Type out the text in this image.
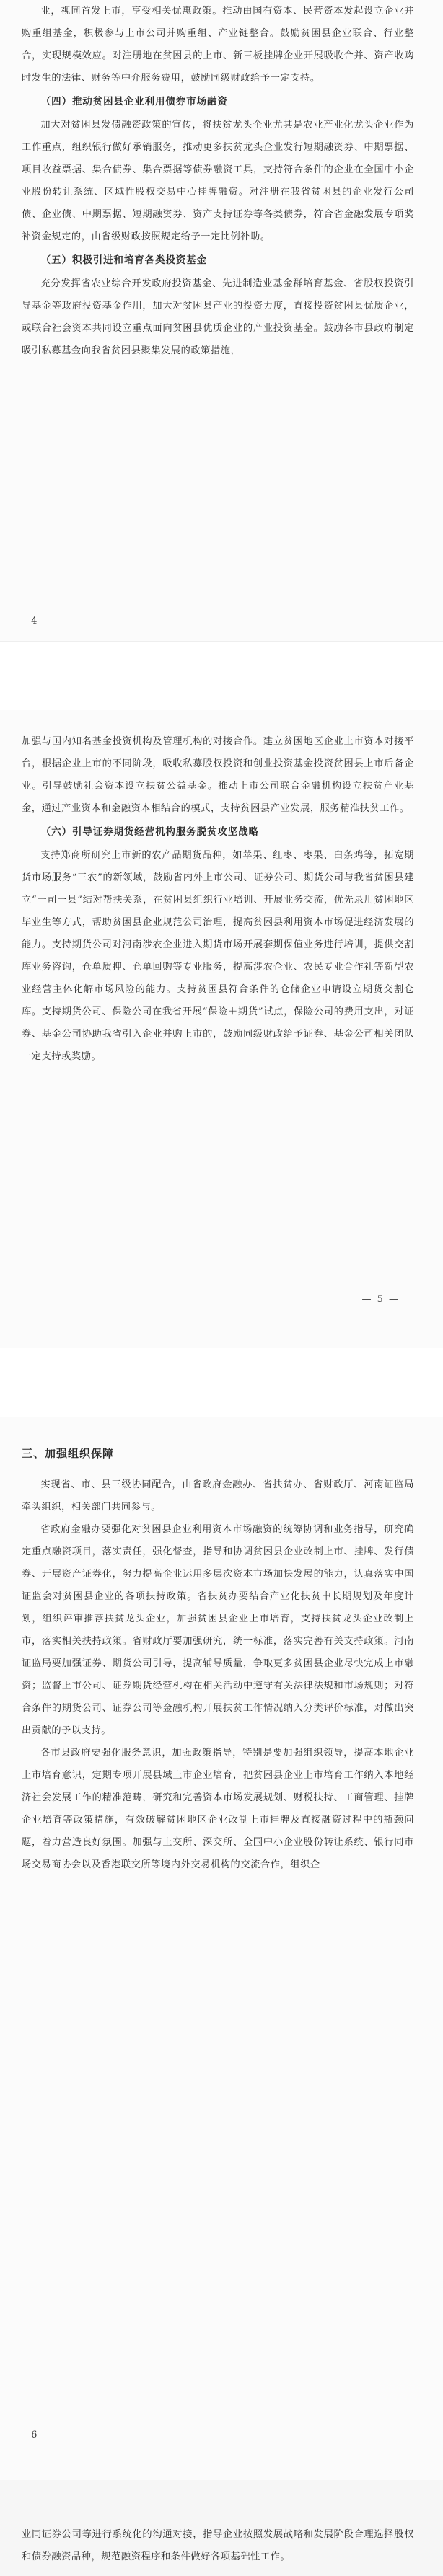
业，视同首发上市，享受相关优惠政策。推动由国有资本、民营资本发起设立企业并购重组基金，积极参与上市公司并购重组、产业链整合。鼓励贫困县企业联合、行业整合，实现规模效应。对注册地在贫困县的上市、新三板挂牌企业开展吸收合并、资产收购时发生的法律、财务等中介服务费用，鼓励同级财政给予一定支持。

（四）推动贫困县企业利用债券市场融资

加大对贫困县发债融资政策的宣传，将扶贫龙头企业尤其是农业产业化龙头企业作为工作重点，组织银行做好承销服务，推动更多扶贫龙头企业发行短期融资券、中期票据、项目收益票据、集合债券、集合票据等债券融资工具，支持符合条件的企业在全国中小企业股份转让系统、区域性股权交易中心挂牌融资。对注册在我省贫困县的企业发行公司债、企业债、中期票据、短期融资券、资产支持证券等各类债券，符合省金融发展专项奖补资金规定的，由省级财政按照规定给予一定比例补助。

（五）积极引进和培育各类投资基金

充分发挥省农业综合开发政府投资基金、先进制造业基金群培育基金、省股权投资引导基金等政府投资基金作用，加大对贫困县产业的投资力度，直接投资贫困县优质企业，或联合社会资本共同设立重点面向贫困县优质企业的产业投资基金。鼓励各市县政府制定吸引私募基金向我省贫困县聚集发展的政策措施，

— 4 —

加强与国内知名基金投资机构及管理机构的对接合作。建立贫困地区企业上市资本对接平台，根据企业上市的不同阶段，吸收私募股权投资和创业投资基金投资贫困县上市后备企业。引导鼓励社会资本设立扶贫公益基金。推动上市公司联合金融机构设立扶贫产业基金，通过产业资本和金融资本相结合的模式，支持贫困县产业发展，服务精准扶贫工作。

（六）引导证券期货经营机构服务脱贫攻坚战略

支持郑商所研究上市新的农产品期货品种，如苹果、红枣、枣果、白条鸡等，拓宽期货市场服务“三农”的新领域，鼓励省内外上市公司、证券公司、期货公司与我省贫困县建立“一司一县”结对帮扶关系，在贫困县组织行业培训、开展业务交流，优先录用贫困地区毕业生等方式，帮助贫困县企业规范公司治理，提高贫困县利用资本市场促进经济发展的能力。支持期货公司对河南涉农企业进入期货市场开展套期保值业务进行培训，提供交割库业务咨询，仓单质押、仓单回购等专业服务，提高涉农企业、农民专业合作社等新型农业经营主体化解市场风险的能力。支持贫困县符合条件的仓储企业申请设立期货交割仓库。支持期货公司、保险公司在我省开展“保险＋期货”试点，保险公司的费用支出，对证券、基金公司协助我省引入企业并购上市的，鼓励同级财政给予证券、基金公司相关团队一定支持或奖励。

— 5 —
三、加强组织保障

实现省、市、县三级协同配合，由省政府金融办、省扶贫办、省财政厅、河南证监局牵头组织，相关部门共同参与。

省政府金融办要强化对贫困县企业利用资本市场融资的统筹协调和业务指导，研究确定重点融资项目，落实责任，强化督查，指导和协调贫困县企业改制上市、挂牌、发行债券、开展资产证券化，努力提高企业运用多层次资本市场加快发展的能力，认真落实中国证监会对贫困县企业的各项扶持政策。省扶贫办要结合产业化扶贫中长期规划及年度计划，组织评审推荐扶贫龙头企业，加强贫困县企业上市培育，支持扶贫龙头企业改制上市，落实相关扶持政策。省财政厅要加强研究，统一标准，落实完善有关支持政策。河南证监局要加强证券、期货公司引导，提高辅导质量，争取更多贫困县企业尽快完成上市融资；监督上市公司、证券期货经营机构在相关活动中遵守有关法律法规和市场规则；对符合条件的期货公司、证券公司等金融机构开展扶贫工作情况纳入分类评价标准，对做出突出贡献的予以支持。

各市县政府要强化服务意识，加强政策指导，特别是要加强组织领导，提高本地企业上市培育意识，定期专项开展县域上市企业培育，把贫困县企业上市培育工作纳入本地经济社会发展工作的精准范畴，研究和完善资本市场发展规划、财税扶持、工商管理、挂牌企业培育等政策措施，有效破解贫困地区企业改制上市挂牌及直接融资过程中的瓶颈问题，着力营造良好氛围。加强与上交所、深交所、全国中小企业股份转让系统、银行同市场交易商协会以及香港联交所等境内外交易机构的交流合作，组织企

— 6 —

业同证券公司等进行系统化的沟通对接，指导企业按照发展战略和发展阶段合理选择股权和债券融资品种，规范融资程序和条件做好各项基础性工作。
